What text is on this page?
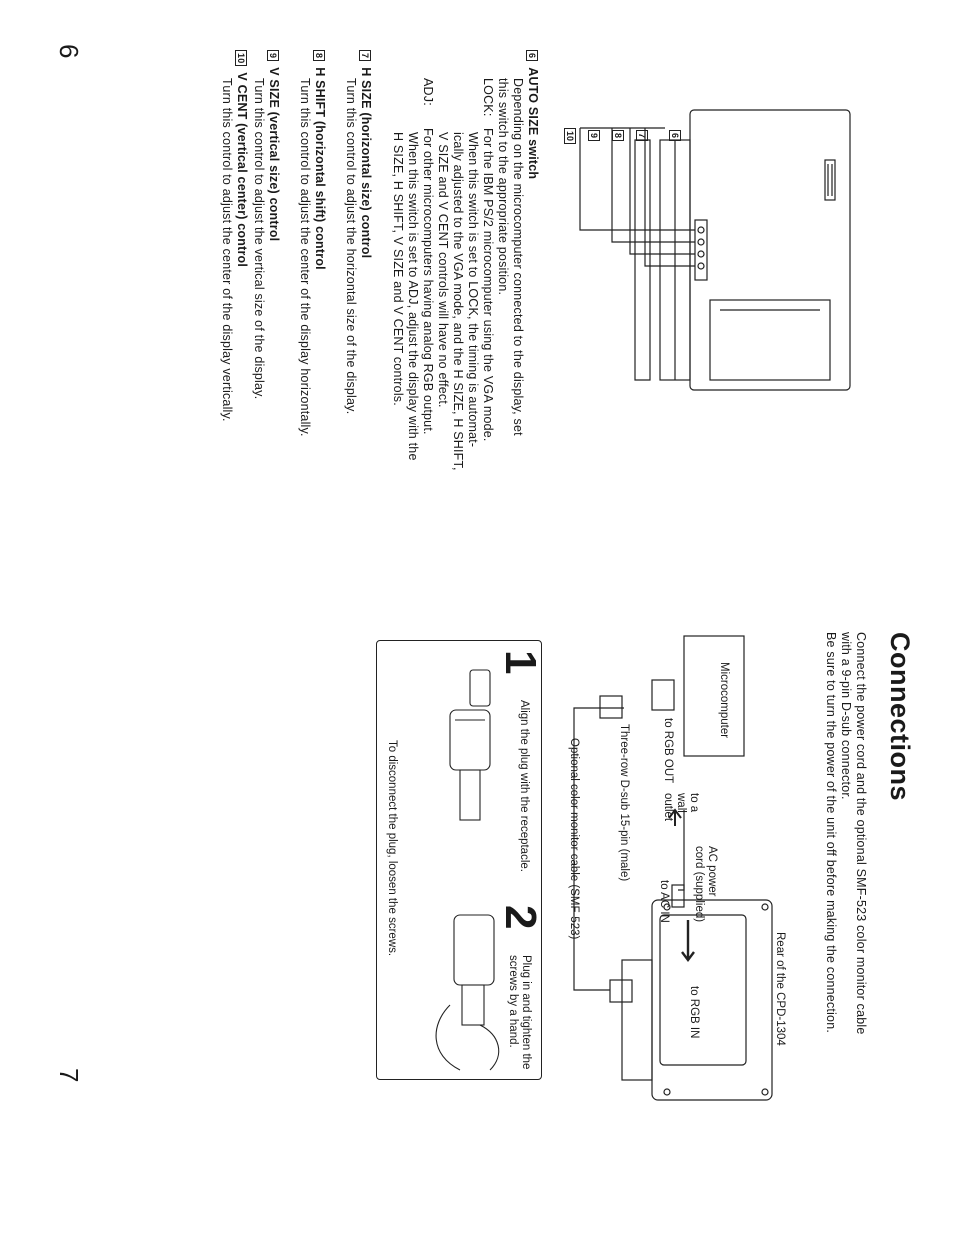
6
7
6
7
8
9
10
6AUTO SIZE switch
Depending on the microcomputer connected to the display, set
this switch to the appropriate position.
LOCK:For the IBM PS/2 microcomputer using the VGA mode.
When this switch is set to LOCK, the timing is automat-
ically adjusted to the VGA mode, and the H SIZE, H SHIFT,
V SIZE and V CENT controls will have no effect.
ADJ:For other microcomputers having analog RGB output.
When this switch is set to ADJ, adjust the display with the
H SIZE, H SHIFT, V SIZE and V CENT controls.
7H SIZE (horizontal size) control
Turn this control to adjust the horizontal size of the display.
8H SHIFT (horizontal shift) control
Turn this control to adjust the center of the display horizontally.
9V SIZE (vertical size) control
Turn this control to adjust the vertical size of the display.
10V CENT (vertical center) control
Turn this control to adjust the center of the display vertically.
Connections
Connect the power cord and the optional SMF-523 color monitor cable
with a 9-pin D-sub connector.
Be sure to turn the power of the unit off before making the connection.
Microcomputer
to RGB OUT
to a
wall
outlet
AC power
cord (supplied)
to AC IN
Rear of the CPD-1304
to RGB IN
Three-row D-sub 15-pin (male)
Optional color monitor cable (SMF-523)
1
Align the plug with the receptacle.
2
Plug in and tighten the
screws by a hand.
To disconnect the plug, loosen the screws.
